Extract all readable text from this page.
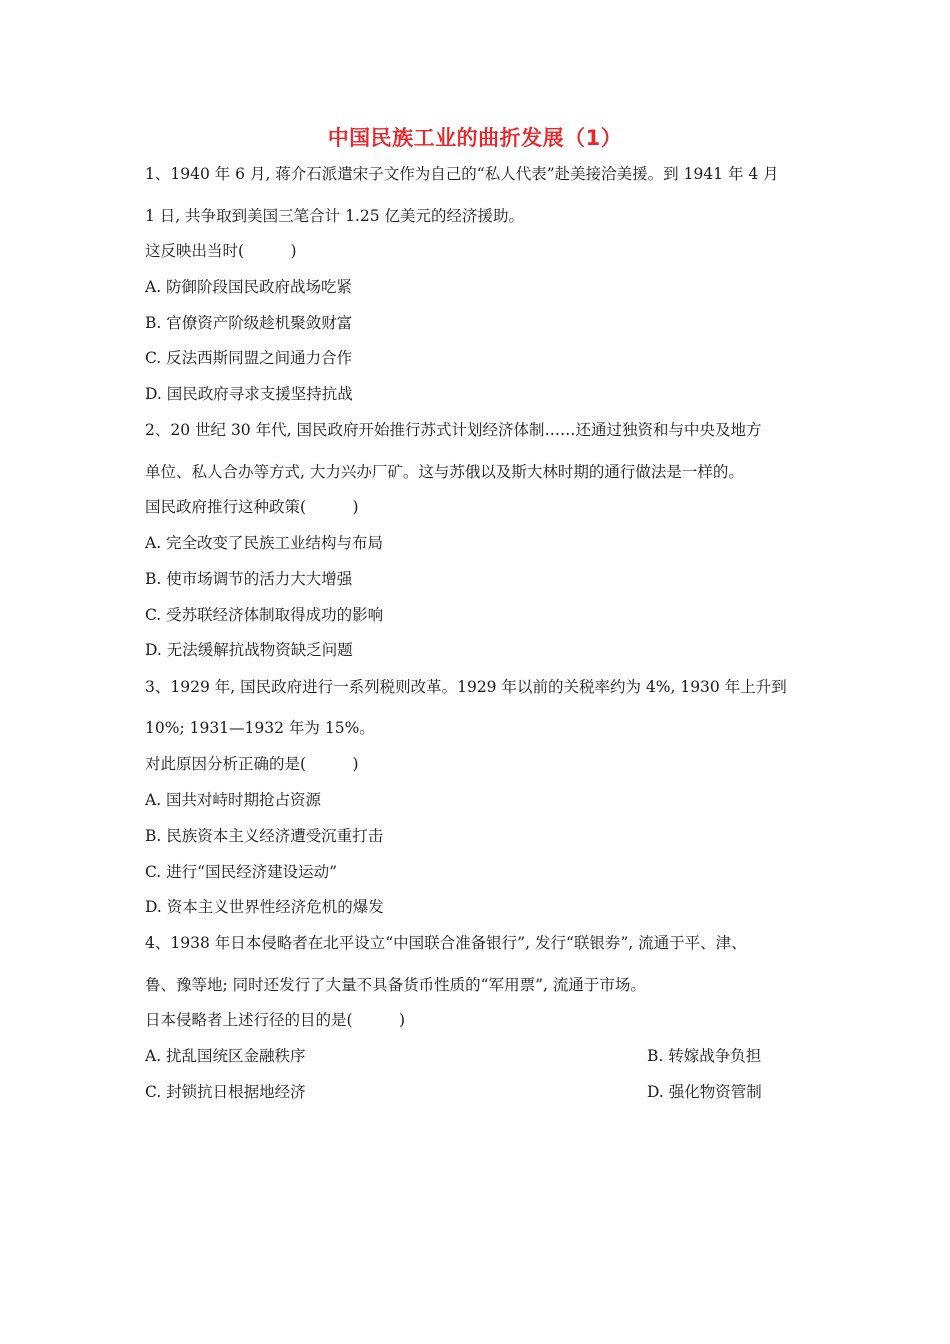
中国民族工业的曲折发展（1）
1、1940 年 6 月, 蒋介石派遣宋子文作为自己的“私人代表”赴美接洽美援。到 1941 年 4 月
1 日, 共争取到美国三笔合计 1.25 亿美元的经济援助。
这反映出当时(　　　)
A. 防御阶段国民政府战场吃紧
B. 官僚资产阶级趁机聚敛财富
C. 反法西斯同盟之间通力合作
D. 国民政府寻求支援坚持抗战
2、20 世纪 30 年代, 国民政府开始推行苏式计划经济体制……还通过独资和与中央及地方
单位、私人合办等方式, 大力兴办厂矿。这与苏俄以及斯大林时期的通行做法是一样的。
国民政府推行这种政策(　　　)
A. 完全改变了民族工业结构与布局
B. 使市场调节的活力大大增强
C. 受苏联经济体制取得成功的影响
D. 无法缓解抗战物资缺乏问题
3、1929 年, 国民政府进行一系列税则改革。1929 年以前的关税率约为 4%, 1930 年上升到
10%; 1931—1932 年为 15%。
对此原因分析正确的是(　　　)
A. 国共对峙时期抢占资源
B. 民族资本主义经济遭受沉重打击
C. 进行“国民经济建设运动”
D. 资本主义世界性经济危机的爆发
4、1938 年日本侵略者在北平设立“中国联合准备银行”, 发行“联银券”, 流通于平、津、
鲁、豫等地; 同时还发行了大量不具备货币性质的“军用票”, 流通于市场。
日本侵略者上述行径的目的是(　　　)
A. 扰乱国统区金融秩序	B. 转嫁战争负担
C. 封锁抗日根据地经济	D. 强化物资管制
